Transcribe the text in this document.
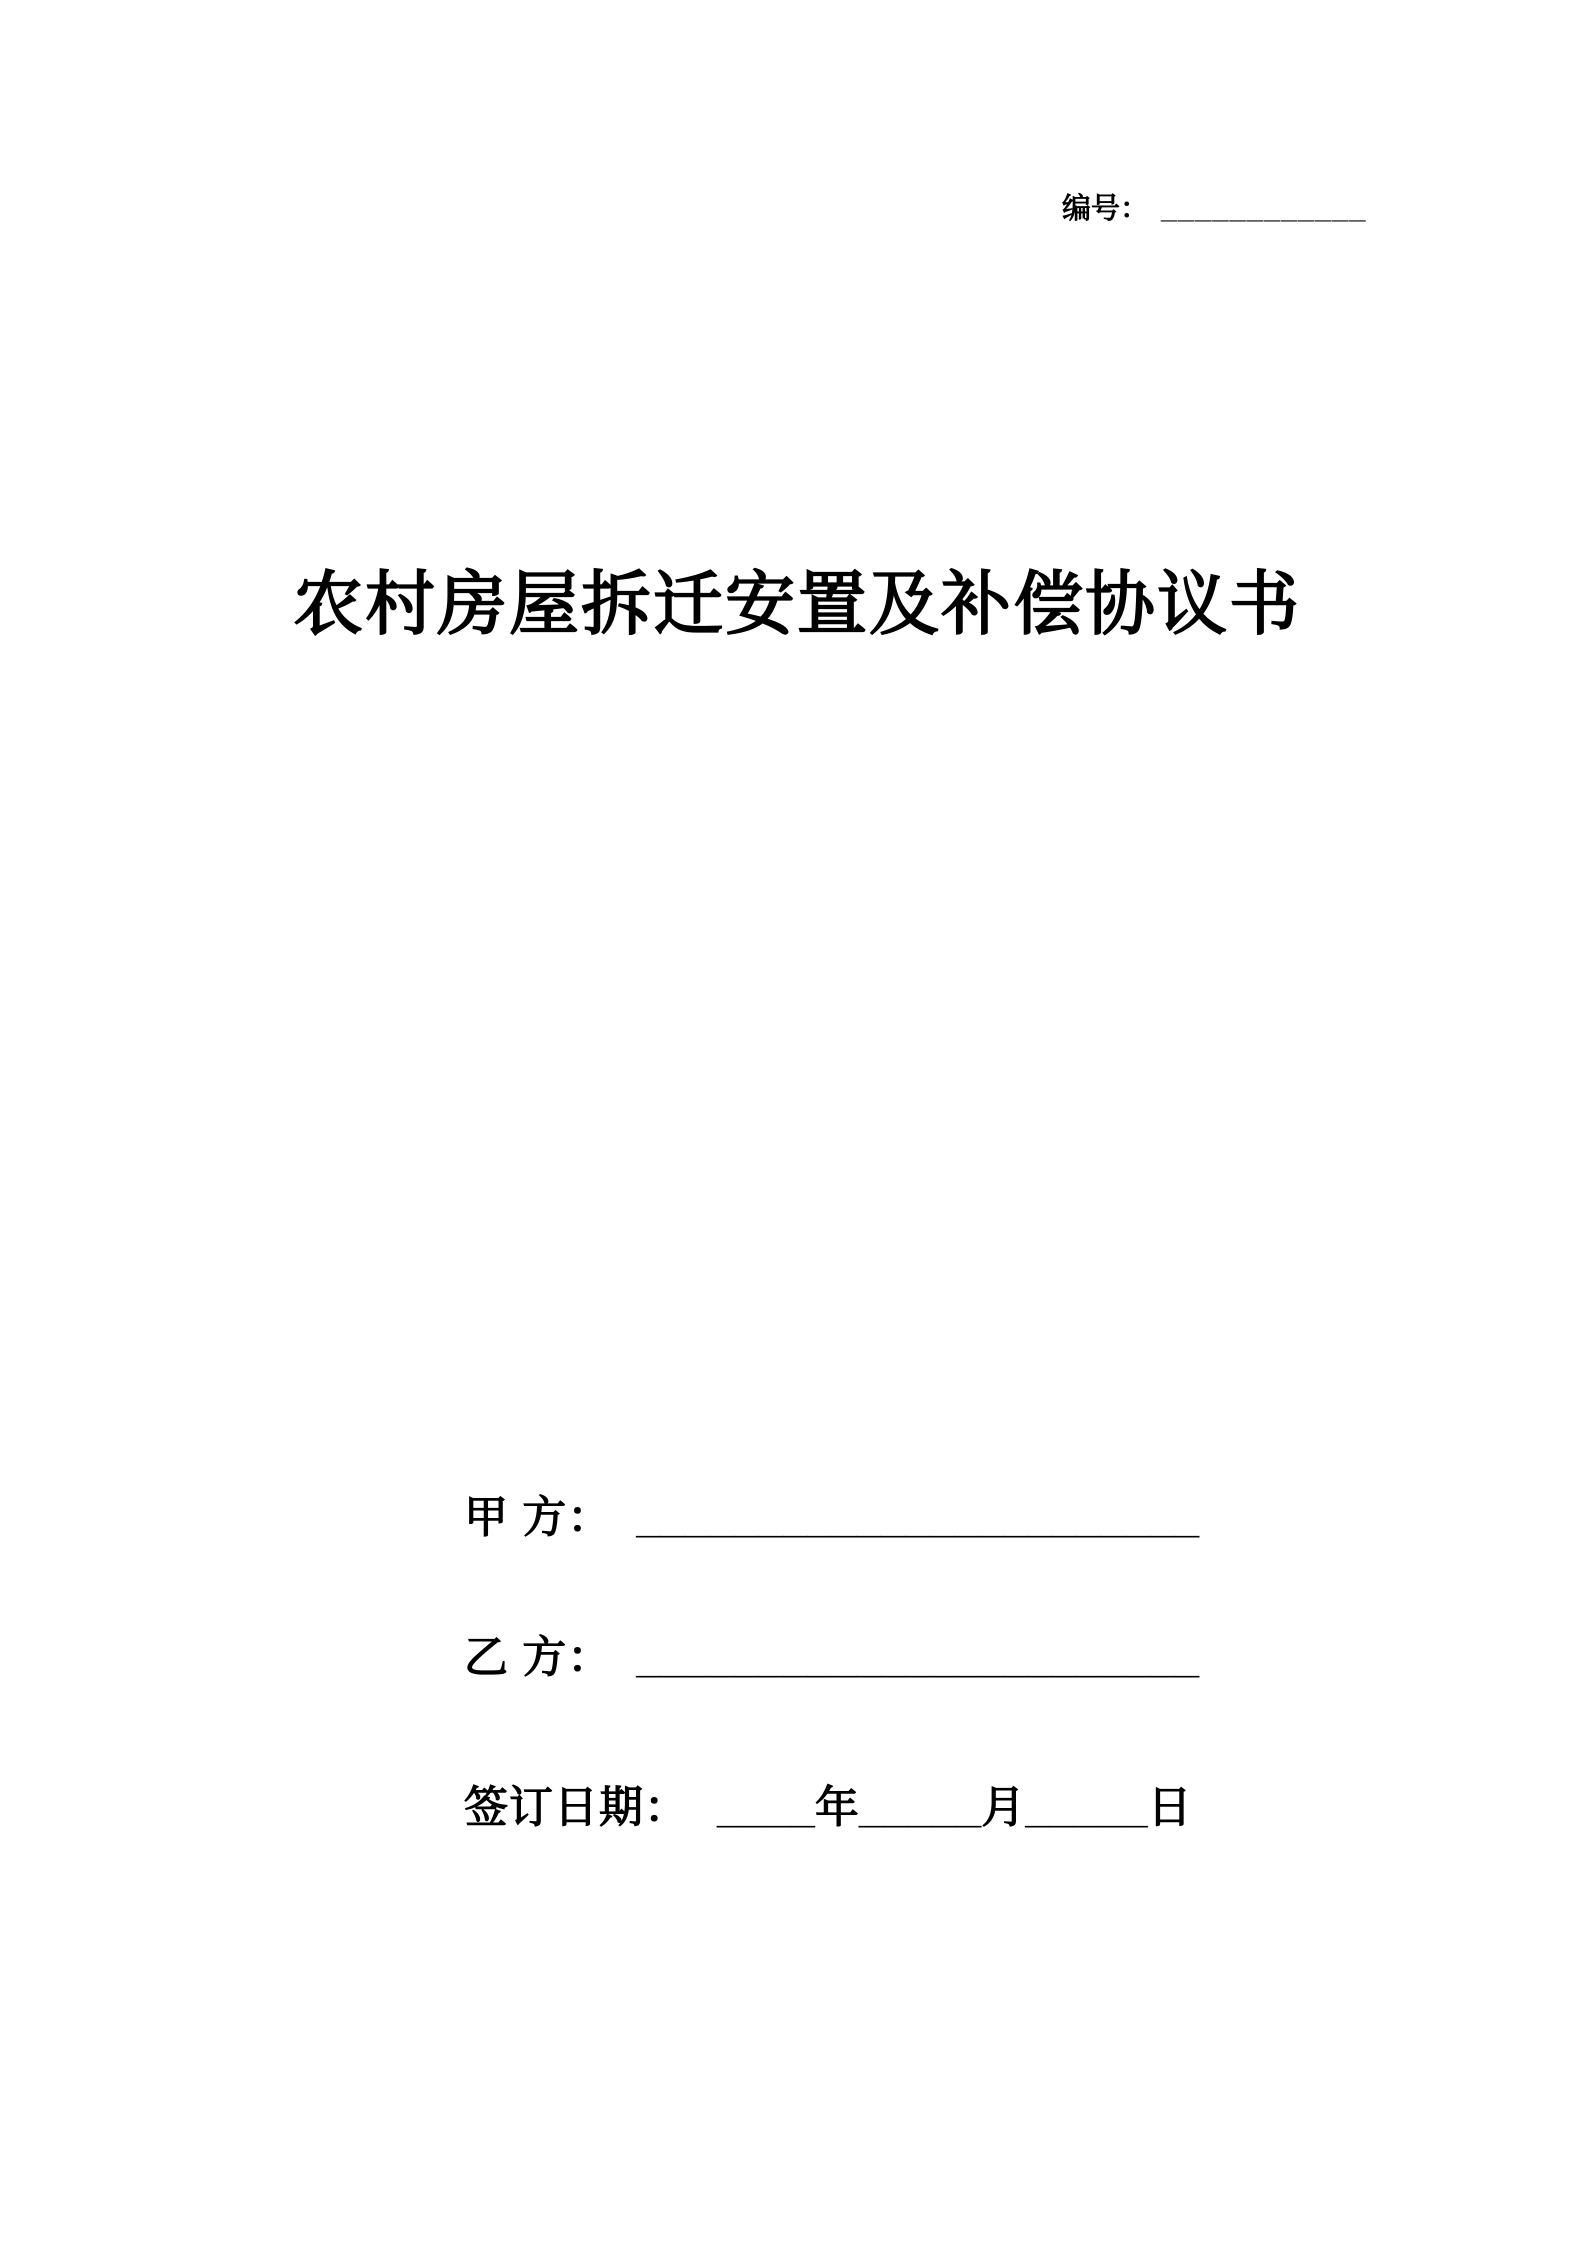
编号： ____________
农村房屋拆迁安置及补偿协议书
甲 方： _______________________
乙 方： _______________________
签订日期： ____年_____月_____日
